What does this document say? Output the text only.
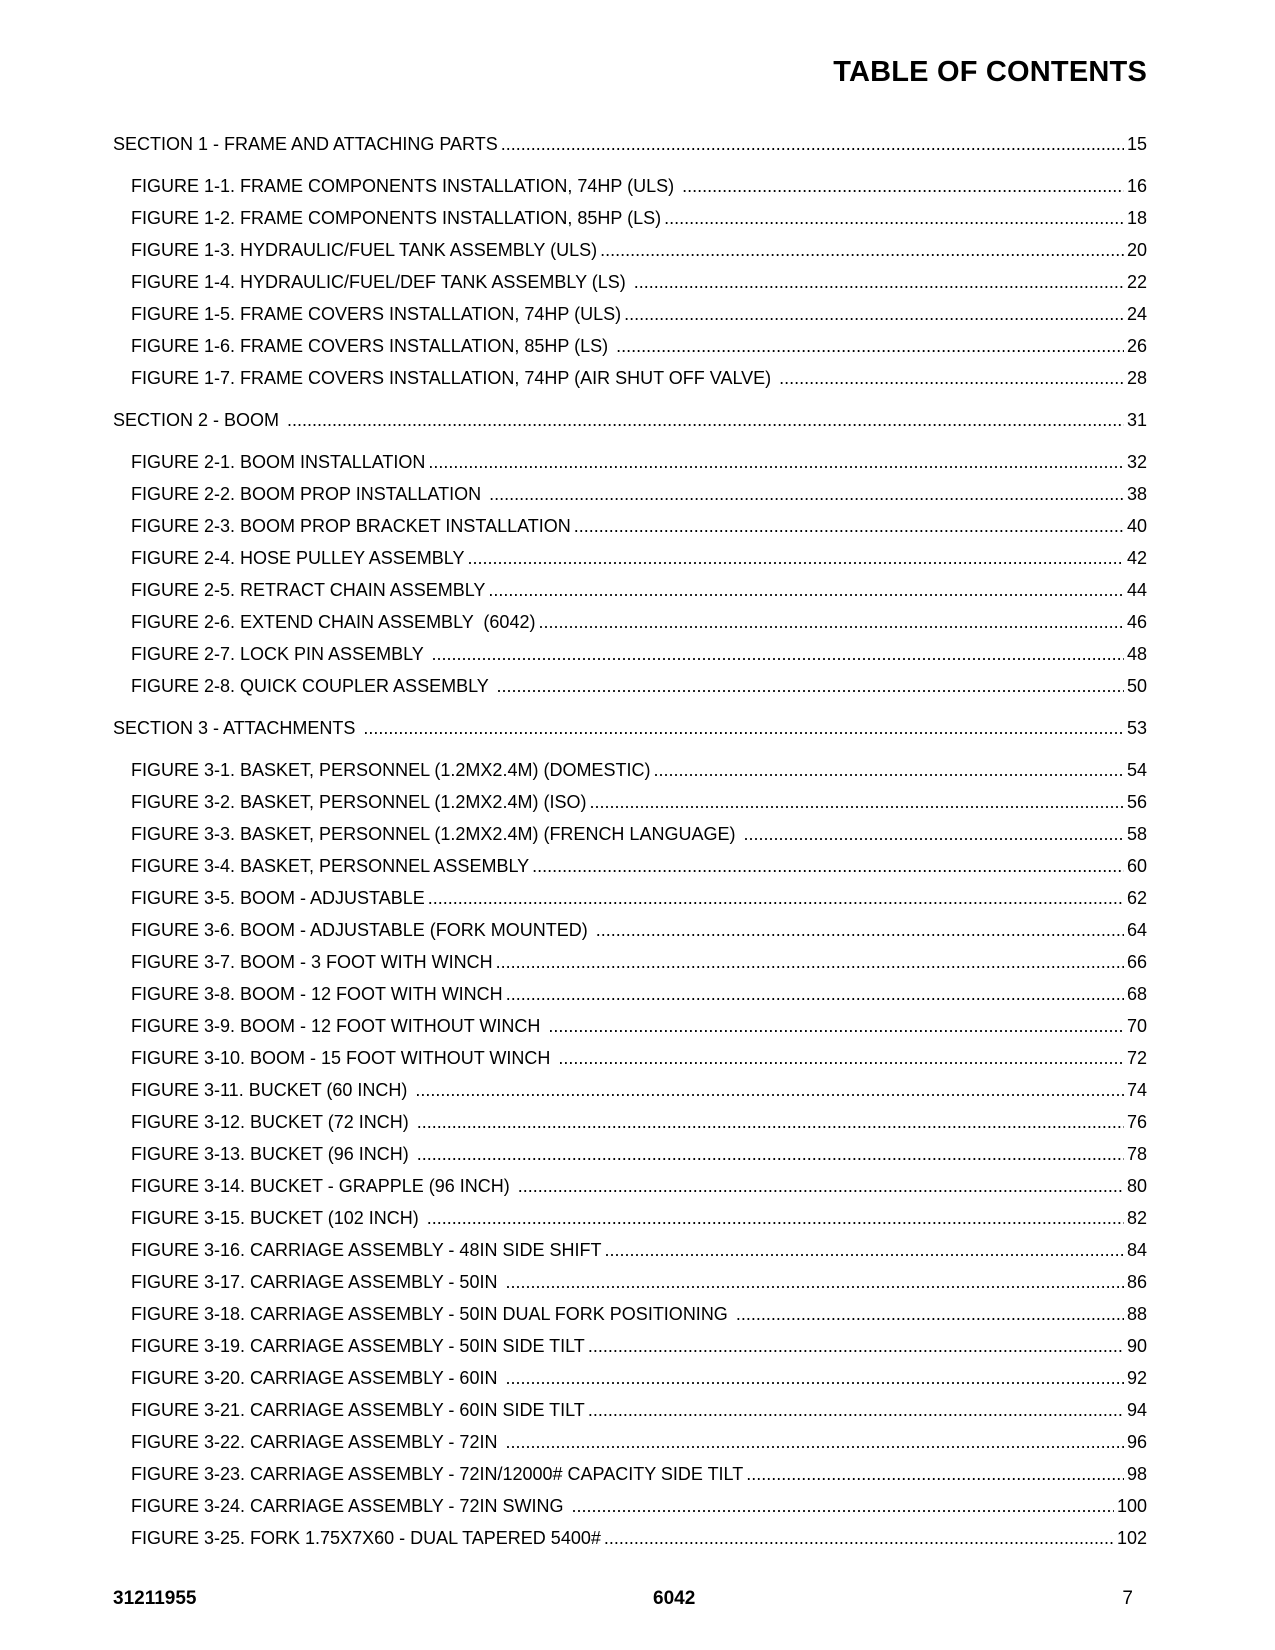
TABLE OF CONTENTS
SECTION 1 - FRAME AND ATTACHING PARTS .....	15
FIGURE 1-1. FRAME COMPONENTS INSTALLATION, 74HP (ULS) .....	16
FIGURE 1-2. FRAME COMPONENTS INSTALLATION, 85HP (LS) .....	18
FIGURE 1-3. HYDRAULIC/FUEL TANK ASSEMBLY (ULS) .....	20
FIGURE 1-4. HYDRAULIC/FUEL/DEF TANK ASSEMBLY (LS) .....	22
FIGURE 1-5. FRAME COVERS INSTALLATION, 74HP (ULS) .....	24
FIGURE 1-6. FRAME COVERS INSTALLATION, 85HP (LS) .....	26
FIGURE 1-7. FRAME COVERS INSTALLATION, 74HP (AIR SHUT OFF VALVE) .....	28
SECTION 2 - BOOM .....	31
FIGURE 2-1. BOOM INSTALLATION .....	32
FIGURE 2-2. BOOM PROP INSTALLATION .....	38
FIGURE 2-3. BOOM PROP BRACKET INSTALLATION .....	40
FIGURE 2-4. HOSE PULLEY ASSEMBLY .....	42
FIGURE 2-5. RETRACT CHAIN ASSEMBLY .....	44
FIGURE 2-6. EXTEND CHAIN ASSEMBLY  (6042) .....	46
FIGURE 2-7. LOCK PIN ASSEMBLY .....	48
FIGURE 2-8. QUICK COUPLER ASSEMBLY .....	50
SECTION 3 - ATTACHMENTS .....	53
FIGURE 3-1. BASKET, PERSONNEL (1.2MX2.4M) (DOMESTIC) .....	54
FIGURE 3-2. BASKET, PERSONNEL (1.2MX2.4M) (ISO) .....	56
FIGURE 3-3. BASKET, PERSONNEL (1.2MX2.4M) (FRENCH LANGUAGE) .....	58
FIGURE 3-4. BASKET, PERSONNEL ASSEMBLY .....	60
FIGURE 3-5. BOOM - ADJUSTABLE .....	62
FIGURE 3-6. BOOM - ADJUSTABLE (FORK MOUNTED) .....	64
FIGURE 3-7. BOOM - 3 FOOT WITH WINCH .....	66
FIGURE 3-8. BOOM - 12 FOOT WITH WINCH .....	68
FIGURE 3-9. BOOM - 12 FOOT WITHOUT WINCH .....	70
FIGURE 3-10. BOOM - 15 FOOT WITHOUT WINCH .....	72
FIGURE 3-11. BUCKET (60 INCH) .....	74
FIGURE 3-12. BUCKET (72 INCH) .....	76
FIGURE 3-13. BUCKET (96 INCH) .....	78
FIGURE 3-14. BUCKET - GRAPPLE (96 INCH) .....	80
FIGURE 3-15. BUCKET (102 INCH) .....	82
FIGURE 3-16. CARRIAGE ASSEMBLY - 48IN SIDE SHIFT .....	84
FIGURE 3-17. CARRIAGE ASSEMBLY - 50IN .....	86
FIGURE 3-18. CARRIAGE ASSEMBLY - 50IN DUAL FORK POSITIONING .....	88
FIGURE 3-19. CARRIAGE ASSEMBLY - 50IN SIDE TILT .....	90
FIGURE 3-20. CARRIAGE ASSEMBLY - 60IN .....	92
FIGURE 3-21. CARRIAGE ASSEMBLY - 60IN SIDE TILT .....	94
FIGURE 3-22. CARRIAGE ASSEMBLY - 72IN .....	96
FIGURE 3-23. CARRIAGE ASSEMBLY - 72IN/12000# CAPACITY SIDE TILT .....	98
FIGURE 3-24. CARRIAGE ASSEMBLY - 72IN SWING .....	100
FIGURE 3-25. FORK 1.75X7X60 - DUAL TAPERED 5400# .....	102
31211955	6042	7
